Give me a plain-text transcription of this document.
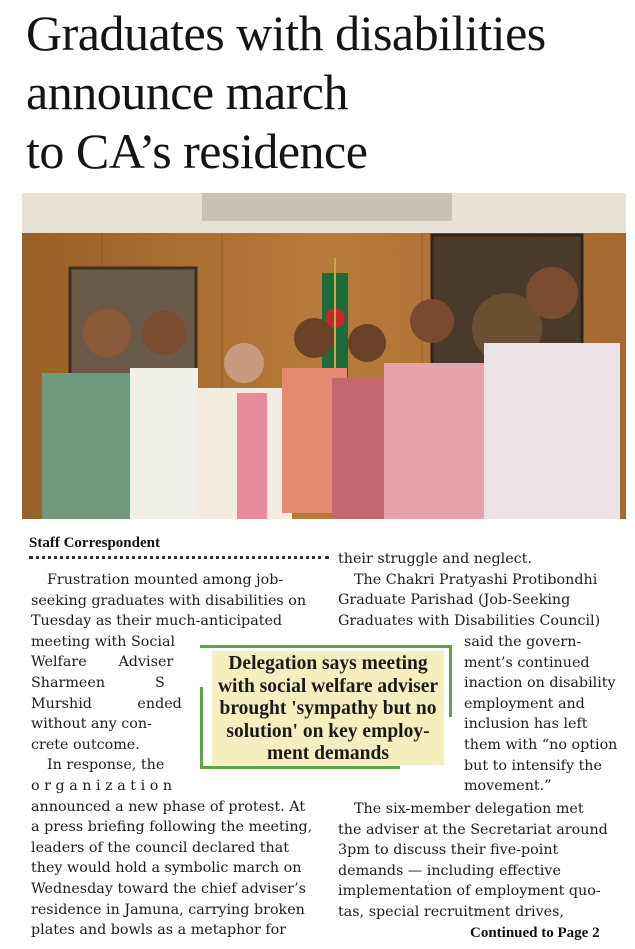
Graduates with disabilities
announce march
to CA’s residence
Staff Correspondent
Frustration mounted among job-
seeking graduates with disabilities on
Tuesday as their much-anticipated
meeting with Social
Welfare       Adviser
Sharmeen           S
Murshid          ended
without any con-
crete outcome.
In response, the
o r g a n i z a t i o n
announced a new phase of protest. At
a press briefing following the meeting,
leaders of the council declared that
they would hold a symbolic march on
Wednesday toward the chief adviser’s
residence in Jamuna, carrying broken
plates and bowls as a metaphor for
their struggle and neglect.
The Chakri Pratyashi Protibondhi
Graduate Parishad (Job-Seeking
Graduates with Disabilities Council)
said the govern-
ment’s continued
inaction on disability
employment and
inclusion has left
them with “no option
but to intensify the
movement.”
The six-member delegation met
the adviser at the Secretariat around
3pm to discuss their five-point
demands — including effective
implementation of employment quo-
tas, special recruitment drives,
Delegation says meeting
with social welfare adviser
brought 'sympathy but no
solution' on key employ-
ment demands
Continued to Page 2
